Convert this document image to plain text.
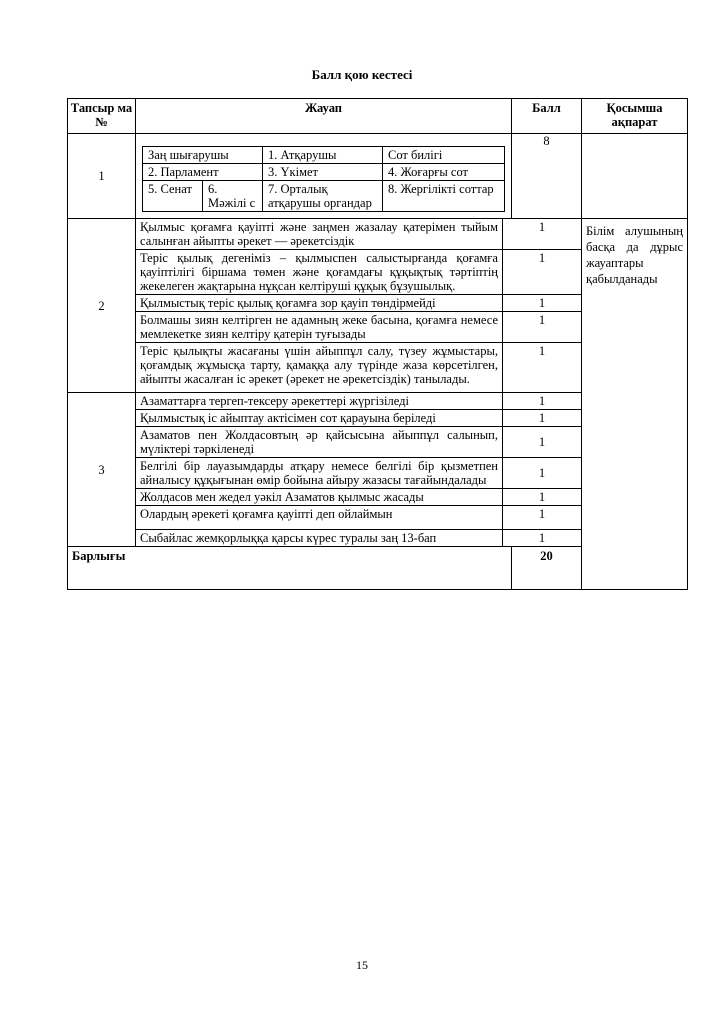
Балл қою кестесі
Тапсыр ма №	Жауап	Балл	Қосымша ақпарат
1	
Заң шығарушы	1. Атқарушы	Сот билігі
2. Парламент	3. Үкімет	4. Жоғарғы сот
5. Сенат	6. Мәжілі с	7. Орталық атқарушы органдар	8. Жергілікті соттар
	8	
2	
Қылмыс қоғамға қауіпті және заңмен жазалау қатерімен тыйым салынған айыпты әрекет — әрекетсіздік	1
Теріс қылық дегеніміз – қылмыспен салыстырғанда қоғамға қауіптілігі біршама төмен және қоғамдағы құқықтық тәртіптің жекелеген жақтарына нұқсан келтіруші құқық бұзушылық.	1
Қылмыстық теріс қылық қоғамға зор қауіп төндірмейді	1
Болмашы зиян келтірген не адамның жеке басына, қоғамға немесе мемлекетке зиян келтіру қатерін туғызады	1
Теріс қылықты жасағаны үшін айыппұл салу, түзеу жұмыстары, қоғамдық жұмысқа тарту, қамаққа алу түрінде жаза көрсетілген, айыпты жасалған іс әрекет (әрекет не әрекетсіздік) танылады.	1

Білім алушының басқа да дұрыс жауаптары қабылданады

3	
Азаматтарға тергеп-тексеру әрекеттері жүргізіледі	1
Қылмыстық іс айыптау актісімен сот қарауына беріледі	1
Азаматов пен Жолдасовтың әр қайсысына айыппұл салынып, мүліктері тәркіленеді	1
Белгілі бір лауазымдарды атқару немесе белгілі бір қызметпен айналысу құқығынан өмір бойына айыру жазасы тағайындалады	1
Жолдасов мен жедел уәкіл Азаматов қылмыс жасады	1
Олардың әрекеті қоғамға қауіпті деп ойлаймын	1
Сыбайлас жемқорлыққа қарсы күрес туралы заң 13-бап	1

Барлығы	20
15
